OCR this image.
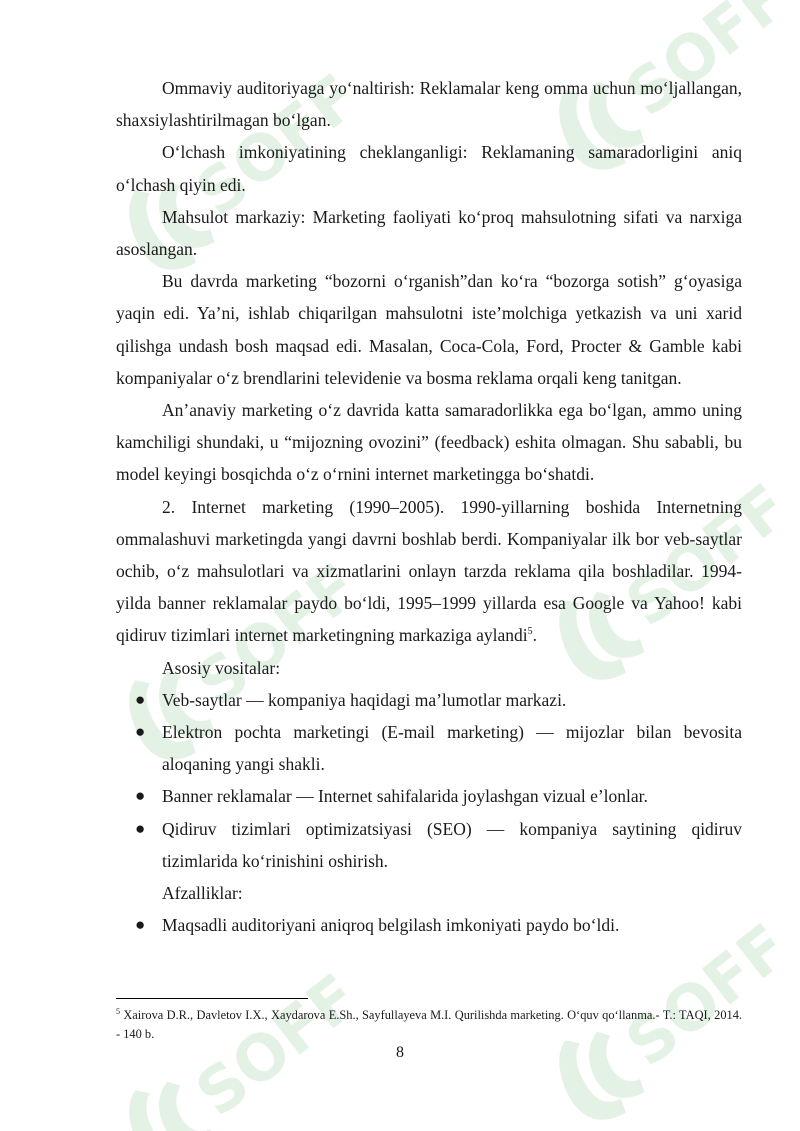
SOFF

Ommaviy auditoriyaga yo‘naltirish: Reklamalar keng omma uchun mo‘ljallangan, shaxsiylashtirilmagan bo‘lgan.

O‘lchash imkoniyatining cheklanganligi: Reklamaning samaradorligini aniq o‘lchash qiyin edi.

Mahsulot markaziy: Marketing faoliyati ko‘proq mahsulotning sifati va narxiga asoslangan.

Bu davrda marketing “bozorni o‘rganish”dan ko‘ra “bozorga sotish” g‘oyasiga yaqin edi. Ya’ni, ishlab chiqarilgan mahsulotni iste’molchiga yetkazish va uni xarid qilishga undash bosh maqsad edi. Masalan, Coca-Cola, Ford, Procter & Gamble kabi kompaniyalar o‘z brendlarini televidenie va bosma reklama orqali keng tanitgan.

An’anaviy marketing o‘z davrida katta samaradorlikka ega bo‘lgan, ammo uning kamchiligi shundaki, u “mijozning ovozini” (feedback) eshita olmagan. Shu sababli, bu model keyingi bosqichda o‘z o‘rnini internet marketingga bo‘shatdi.

2. Internet marketing (1990–2005). 1990-yillarning boshida Internetning ommalashuvi marketingda yangi davrni boshlab berdi. Kompaniyalar ilk bor veb-saytlar ochib, o‘z mahsulotlari va xizmatlarini onlayn tarzda reklama qila boshladilar. 1994-yilda banner reklamalar paydo bo‘ldi, 1995–1999 yillarda esa Google va Yahoo! kabi qidiruv tizimlari internet marketingning markaziga aylandi$^5$.

Asosiy vositalar:

● Veb-saytlar — kompaniya haqidagi ma’lumotlar markazi.
● Elektron pochta marketingi (E-mail marketing) — mijozlar bilan bevosita aloqaning yangi shakli.
● Banner reklamalar — Internet sahifalarida joylashgan vizual e’lonlar.
● Qidiruv tizimlari optimizatsiyasi (SEO) — kompaniya saytining qidiruv tizimlarida ko‘rinishini oshirish.

Afzalliklar:

● Maqsadli auditoriyani aniqroq belgilash imkoniyati paydo bo‘ldi.
$^5$ Xairova D.R., Davletov I.X., Xaydarova E.Sh., Sayfullayeva M.I. Qurilishda marketing. O‘quv qo‘llanma.- T.: TAQI, 2014. - 140 b.
8
